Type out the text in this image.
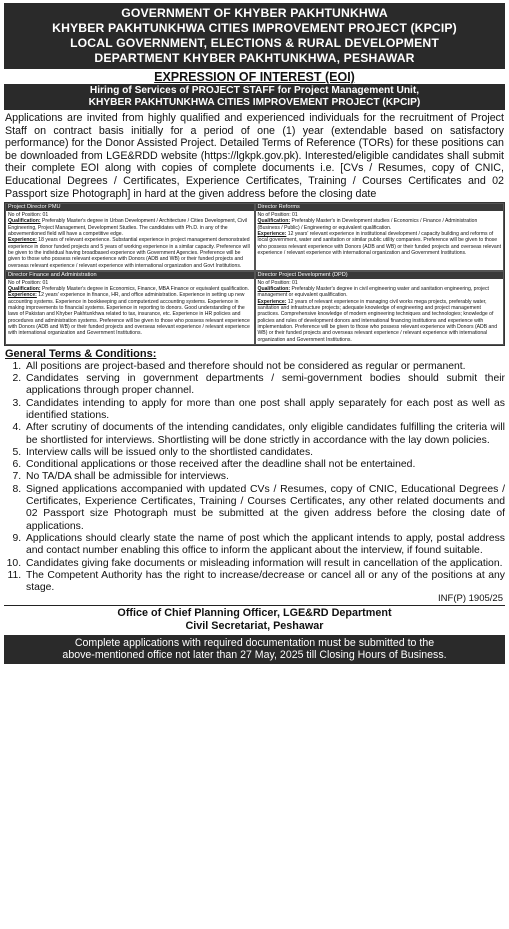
GOVERNMENT OF KHYBER PAKHTUNKHWA
KHYBER PAKHTUNKHWA CITIES IMPROVEMENT PROJECT (KPCIP)
LOCAL GOVERNMENT, ELECTIONS & RURAL DEVELOPMENT
DEPARTMENT KHYBER PAKHTUNKHWA, PESHAWAR
EXPRESSION OF INTEREST (EOI)
Hiring of Services of PROJECT STAFF for Project Management Unit,
KHYBER PAKHTUNKHWA CITIES IMPROVEMENT PROJECT (KPCIP)
Applications are invited from highly qualified and experienced individuals for the recruitment of Project Staff on contract basis initially for a period of one (1) year (extendable based on satisfactory performance) for the Donor Assisted Project. Detailed Terms of Reference (TORs) for these positions can be downloaded from LGE&RDD website (https://lgkpk.gov.pk). Interested/eligible candidates shall submit their complete EOI along with copies of complete documents i.e. [CVs / Resumes, copy of CNIC, Educational Degrees / Certificates, Experience Certificates, Training / Courses Certificates and 02 Passport size Photograph] in hard at the given address before the closing date
Project Director PMU
No of Position: 01
Qualification: Preferably Master's degree in Urban Development / Architecture / Cities Development, Civil Engineering, Project Management, Development Studies. The candidates with Ph.D. in any of the abovementioned field will have a competitive edge.
Experience: 18 years of relevant experience. Substantial experience in project management demonstrated experience in donor funded projects and 5 years of working experience in a similar capacity. Preference will be given to the individual having broadbased experience with Government Agencies. Preference will be given to those who possess relevant experience with Donors (ADB and WB) or their funded projects and overseas relevant experience / relevant experience with international organization and Govt Institutions.
Director Reforms
No of Position: 01
Qualification: Preferably Master's in Development studies / Economics / Finance / Administration (Business / Public) / Engineering or equivalent qualification.
Experience: 12 years' relevant experience in institutional development / capacity building and reforms of local government, water and sanitation or similar public utility companies. Preference will be given to those who possess relevant experience with Donors (ADB and WB) or their funded projects and overseas relevant experience / relevant experience with international organization and Government Institutions.
Director Finance and Administration
No of Position: 01
Qualification: Preferably Master's degree in Economics, Finance, MBA Finance or equivalent qualification.
Experience: 12 years' experience in finance, HR, and office administration. Experience in setting up new accounting systems. Experience in bookkeeping and computerized accounting systems. Experience in making improvements to financial systems. Experience in reporting to donors. Good understanding of the laws of Pakistan and Khyber Pakhtunkhwa related to tax, insurance, etc. Experience in HR policies and procedures and administration systems. Preference will be given to those who possess relevant experience with Donors (ADB and WB) or their funded projects and overseas relevant experience / relevant experience with international organization and Government Institutions.
Director Project Development (DPD)
No of Position: 01
Qualification: Preferably Master's degree in civil engineering water and sanitation engineering, project management or equivalent qualification.
Experience: 12 years of relevant experience in managing civil works mega projects, preferably water, sanitation and infrastructure projects; adequate knowledge of engineering and project management practices. Comprehensive knowledge of modern engineering techniques and technologies; knowledge of policies and rules of development donors and international financing institutions and experience with implementation. Preference will be given to those who possess relevant experience with Donors (ADB and WB) or their funded projects and overseas relevant experience / relevant experience with international organization and Government Institutions.
General Terms & Conditions:
1. All positions are project-based and therefore should not be considered as regular or permanent.
2. Candidates serving in government departments / semi-government bodies should submit their applications through proper channel.
3. Candidates intending to apply for more than one post shall apply separately for each post as well as identified stations.
4. After scrutiny of documents of the intending candidates, only eligible candidates fulfilling the criteria will be shortlisted for interviews. Shortlisting will be done strictly in accordance with the lay down policies.
5. Interview calls will be issued only to the shortlisted candidates.
6. Conditional applications or those received after the deadline shall not be entertained.
7. No TA/DA shall be admissible for interviews.
8. Signed applications accompanied with updated CVs / Resumes, copy of CNIC, Educational Degrees / Certificates, Experience Certificates, Training / Courses Certificates, any other related documents and 02 Passport size Photograph must be submitted at the given address before the closing date of applications.
9. Applications should clearly state the name of post which the applicant intends to apply, postal address and contact number enabling this office to inform the applicant about the interview, if found suitable.
10. Candidates giving fake documents or misleading information will result in cancellation of the application.
11. The Competent Authority has the right to increase/decrease or cancel all or any of the positions at any stage.
INF(P) 1905/25
Office of Chief Planning Officer, LGE&RD Department
Civil Secretariat, Peshawar
Complete applications with required documentation must be submitted to the
above-mentioned office not later than 27 May, 2025 till Closing Hours of Business.
